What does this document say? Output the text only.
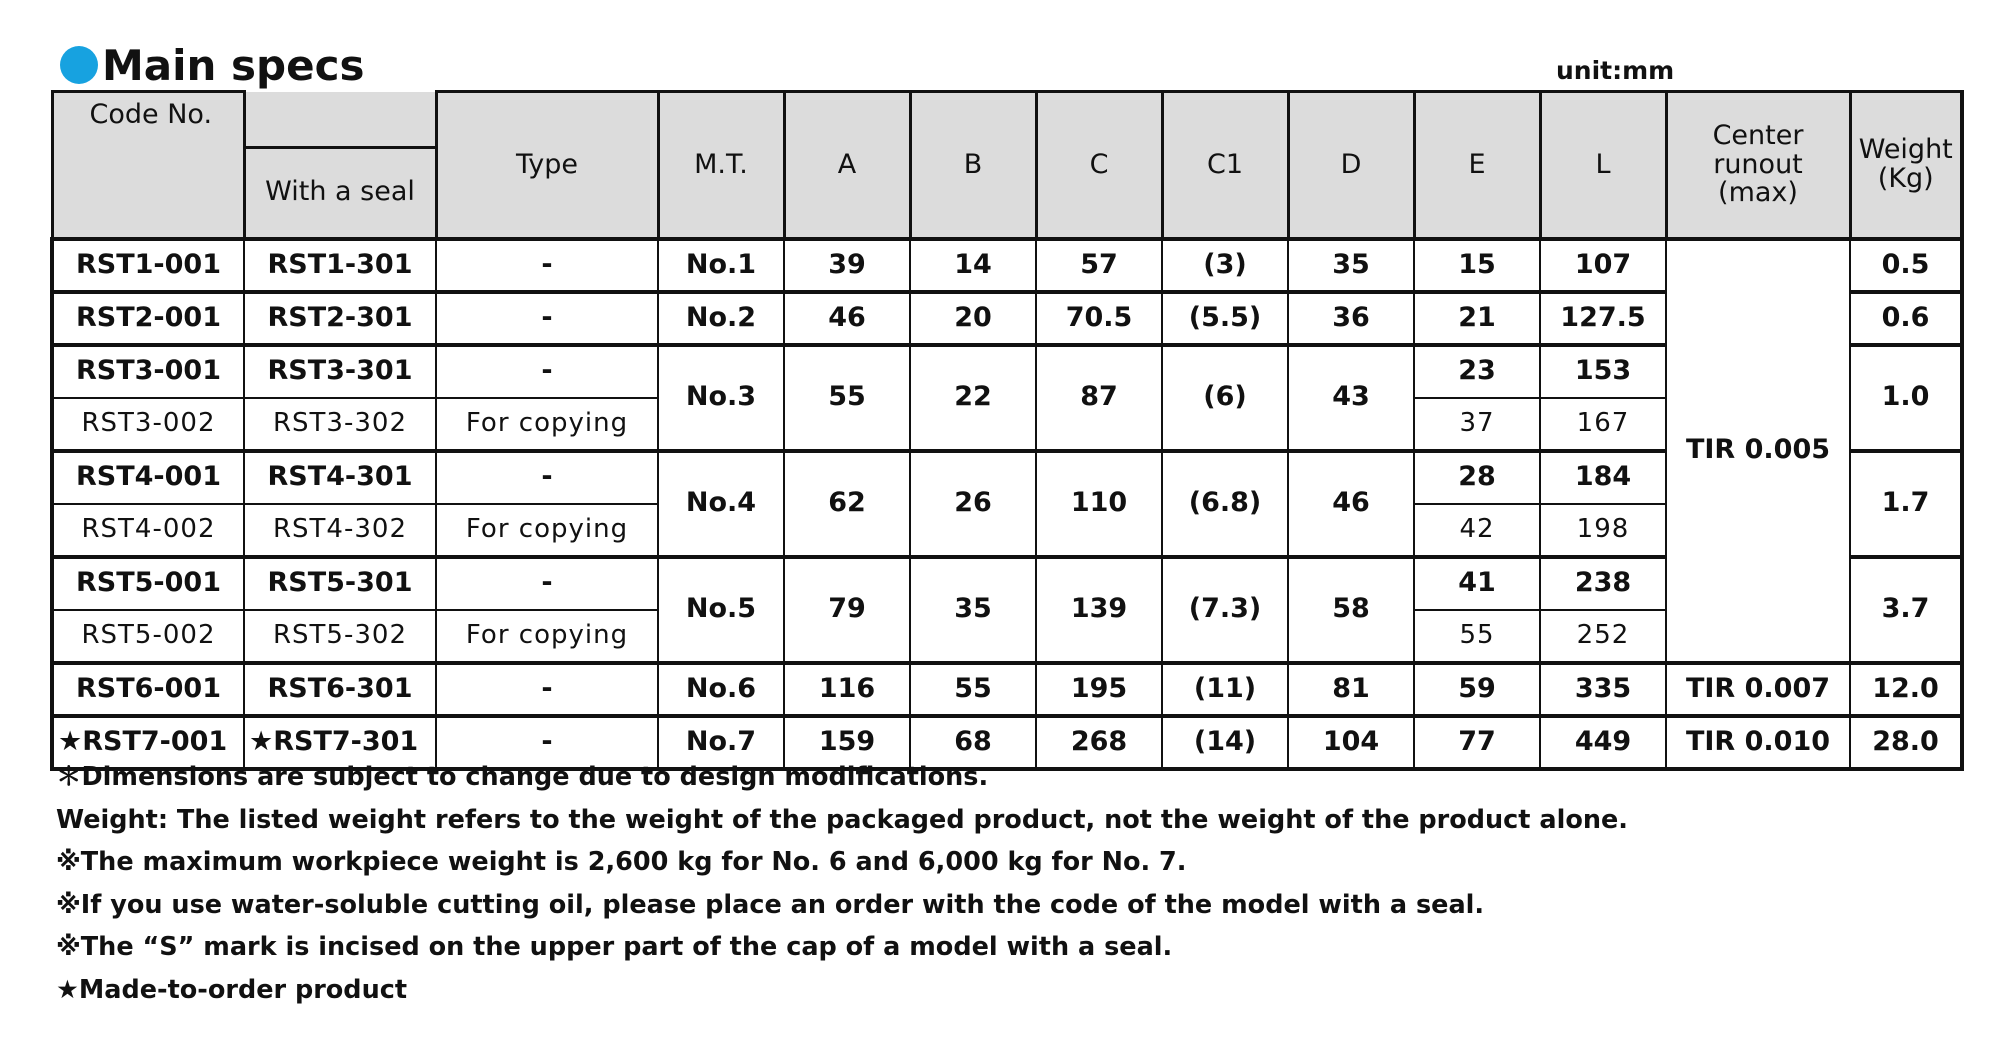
Main specs	unit:mm
Code No.		Type	M.T.	A	B	C	C1	D	E	L	Center runout (max)	Weight (Kg)
	With a seal											
RST1-001	RST1-301	-	No.1	39	14	57	(3)	35	15	107	TIR 0.005	0.5
RST2-001	RST2-301	-	No.2	46	20	70.5	(5.5)	36	21	127.5		0.6
RST3-001	RST3-301	-	No.3	55	22	87	(6)	43	23	153		1.0
RST3-002	RST3-302	For copying							37	167		
RST4-001	RST4-301	-	No.4	62	26	110	(6.8)	46	28	184		1.7
RST4-002	RST4-302	For copying							42	198		
RST5-001	RST5-301	-	No.5	79	35	139	(7.3)	58	41	238		3.7
RST5-002	RST5-302	For copying							55	252		
RST6-001	RST6-301	-	No.6	116	55	195	(11)	81	59	335	TIR 0.007	12.0
★RST7-001	★RST7-301	-	No.7	159	68	268	(14)	104	77	449	TIR 0.010	28.0
＊Dimensions are subject to change due to design modifications.
Weight: The listed weight refers to the weight of the packaged product, not the weight of the product alone.
※The maximum workpiece weight is 2,600 kg for No. 6 and 6,000 kg for No. 7.
※If you use water-soluble cutting oil, please place an order with the code of the model with a seal.
※The “S” mark is incised on the upper part of the cap of a model with a seal.
★Made-to-order product
